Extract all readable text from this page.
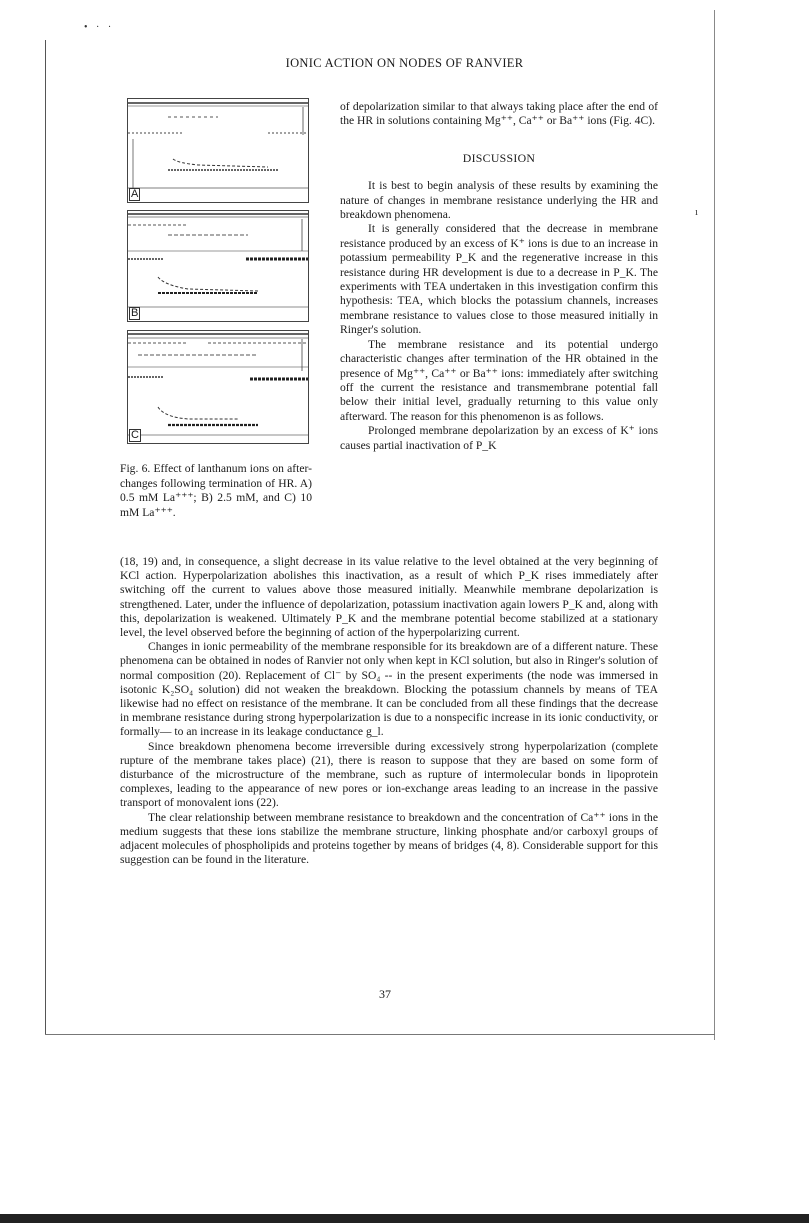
• · ·
ı
IONIC ACTION ON NODES OF RANVIER
A
B
C
Fig. 6. Effect of lanthanum ions on after-changes following termination of HR. A) 0.5 mM La⁺⁺⁺; B) 2.5 mM, and C) 10 mM La⁺⁺⁺.

of depolarization similar to that always taking place after the end of the HR in solutions containing Mg⁺⁺, Ca⁺⁺ or Ba⁺⁺ ions (Fig. 4C).

DISCUSSION

It is best to begin analysis of these results by examining the nature of changes in membrane resistance underlying the HR and breakdown phenomena.

It is generally considered that the decrease in membrane resistance produced by an excess of K⁺ ions is due to an increase in potassium permeability P_K and the regenerative increase in this resistance during HR development is due to a decrease in P_K. The experiments with TEA undertaken in this investigation confirm this hypothesis: TEA, which blocks the potassium channels, increases membrane resistance to values close to those measured initially in Ringer's solution.

The membrane resistance and its potential undergo characteristic changes after termination of the HR obtained in the presence of Mg⁺⁺, Ca⁺⁺ or Ba⁺⁺ ions: immediately after switching off the current the resistance and transmembrane potential fall below their initial level, gradually returning to this value only afterward. The reason for this phenomenon is as follows.

Prolonged membrane depolarization by an excess of K⁺ ions causes partial inactivation of P_K

(18, 19) and, in consequence, a slight decrease in its value relative to the level obtained at the very beginning of KCl action. Hyperpolarization abolishes this inactivation, as a result of which P_K rises immediately after switching off the current to values above those measured initially. Meanwhile membrane depolarization is strengthened. Later, under the influence of depolarization, potassium inactivation again lowers P_K and, along with this, depolarization is weakened. Ultimately P_K and the membrane potential become stabilized at a stationary level, the level observed before the beginning of action of the hyperpolarizing current.

Changes in ionic permeability of the membrane responsible for its breakdown are of a different nature. These phenomena can be obtained in nodes of Ranvier not only when kept in KCl solution, but also in Ringer's solution of normal composition (20). Replacement of Cl⁻ by SO₄ -- in the present experiments (the node was immersed in isotonic K₂SO₄ solution) did not weaken the breakdown. Blocking the potassium channels by means of TEA likewise had no effect on resistance of the membrane. It can be concluded from all these findings that the decrease in membrane resistance during strong hyperpolarization is due to a nonspecific increase in its ionic conductivity, or formally— to an increase in its leakage conductance g_l.

Since breakdown phenomena become irreversible during excessively strong hyperpolarization (complete rupture of the membrane takes place) (21), there is reason to suppose that they are based on some form of disturbance of the microstructure of the membrane, such as rupture of intermolecular bonds in lipoprotein complexes, leading to the appearance of new pores or ion-exchange areas leading to an increase in the passive transport of monovalent ions (22).

The clear relationship between membrane resistance to breakdown and the concentration of Ca⁺⁺ ions in the medium suggests that these ions stabilize the membrane structure, linking phosphate and/or carboxyl groups of adjacent molecules of phospholipids and proteins together by means of bridges (4, 8). Considerable support for this suggestion can be found in the literature.

37
